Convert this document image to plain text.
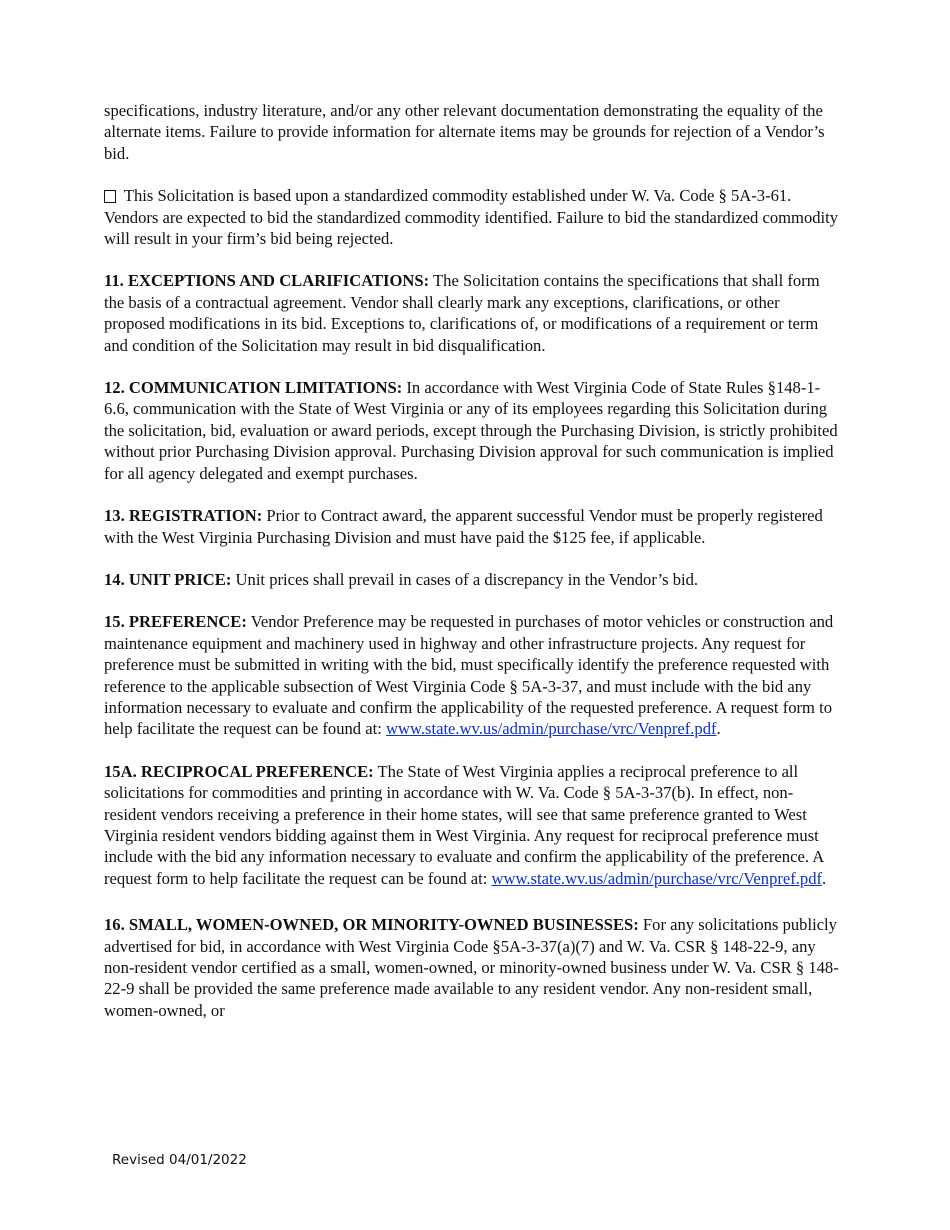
specifications, industry literature, and/or any other relevant documentation demonstrating the equality of the alternate items. Failure to provide information for alternate items may be grounds for rejection of a Vendor’s bid.

This Solicitation is based upon a standardized commodity established under W. Va. Code § 5A-3-61. Vendors are expected to bid the standardized commodity identified. Failure to bid the standardized commodity will result in your firm’s bid being rejected.

11. EXCEPTIONS AND CLARIFICATIONS: The Solicitation contains the specifications that shall form the basis of a contractual agreement. Vendor shall clearly mark any exceptions, clarifications, or other proposed modifications in its bid. Exceptions to, clarifications of, or modifications of a requirement or term and condition of the Solicitation may result in bid disqualification.

12. COMMUNICATION LIMITATIONS: In accordance with West Virginia Code of State Rules §148-1-6.6, communication with the State of West Virginia or any of its employees regarding this Solicitation during the solicitation, bid, evaluation or award periods, except through the Purchasing Division, is strictly prohibited without prior Purchasing Division approval. Purchasing Division approval for such communication is implied for all agency delegated and exempt purchases.

13. REGISTRATION: Prior to Contract award, the apparent successful Vendor must be properly registered with the West Virginia Purchasing Division and must have paid the $125 fee, if applicable.

14. UNIT PRICE: Unit prices shall prevail in cases of a discrepancy in the Vendor’s bid.

15. PREFERENCE: Vendor Preference may be requested in purchases of motor vehicles or construction and maintenance equipment and machinery used in highway and other infrastructure projects. Any request for preference must be submitted in writing with the bid, must specifically identify the preference requested with reference to the applicable subsection of West Virginia Code § 5A-3-37, and must include with the bid any information necessary to evaluate and confirm the applicability of the requested preference. A request form to help facilitate the request can be found at: www.state.wv.us/admin/purchase/vrc/Venpref.pdf.

15A. RECIPROCAL PREFERENCE: The State of West Virginia applies a reciprocal preference to all solicitations for commodities and printing in accordance with W. Va. Code § 5A-3-37(b). In effect, non-resident vendors receiving a preference in their home states, will see that same preference granted to West Virginia resident vendors bidding against them in West Virginia. Any request for reciprocal preference must include with the bid any information necessary to evaluate and confirm the applicability of the preference. A request form to help facilitate the request can be found at: www.state.wv.us/admin/purchase/vrc/Venpref.pdf.

16. SMALL, WOMEN-OWNED, OR MINORITY-OWNED BUSINESSES: For any solicitations publicly advertised for bid, in accordance with West Virginia Code §5A-3-37(a)(7) and W. Va. CSR § 148-22-9, any non-resident vendor certified as a small, women-owned, or minority-owned business under W. Va. CSR § 148-22-9 shall be provided the same preference made available to any resident vendor. Any non-resident small, women-owned, or

Revised 04/01/2022
